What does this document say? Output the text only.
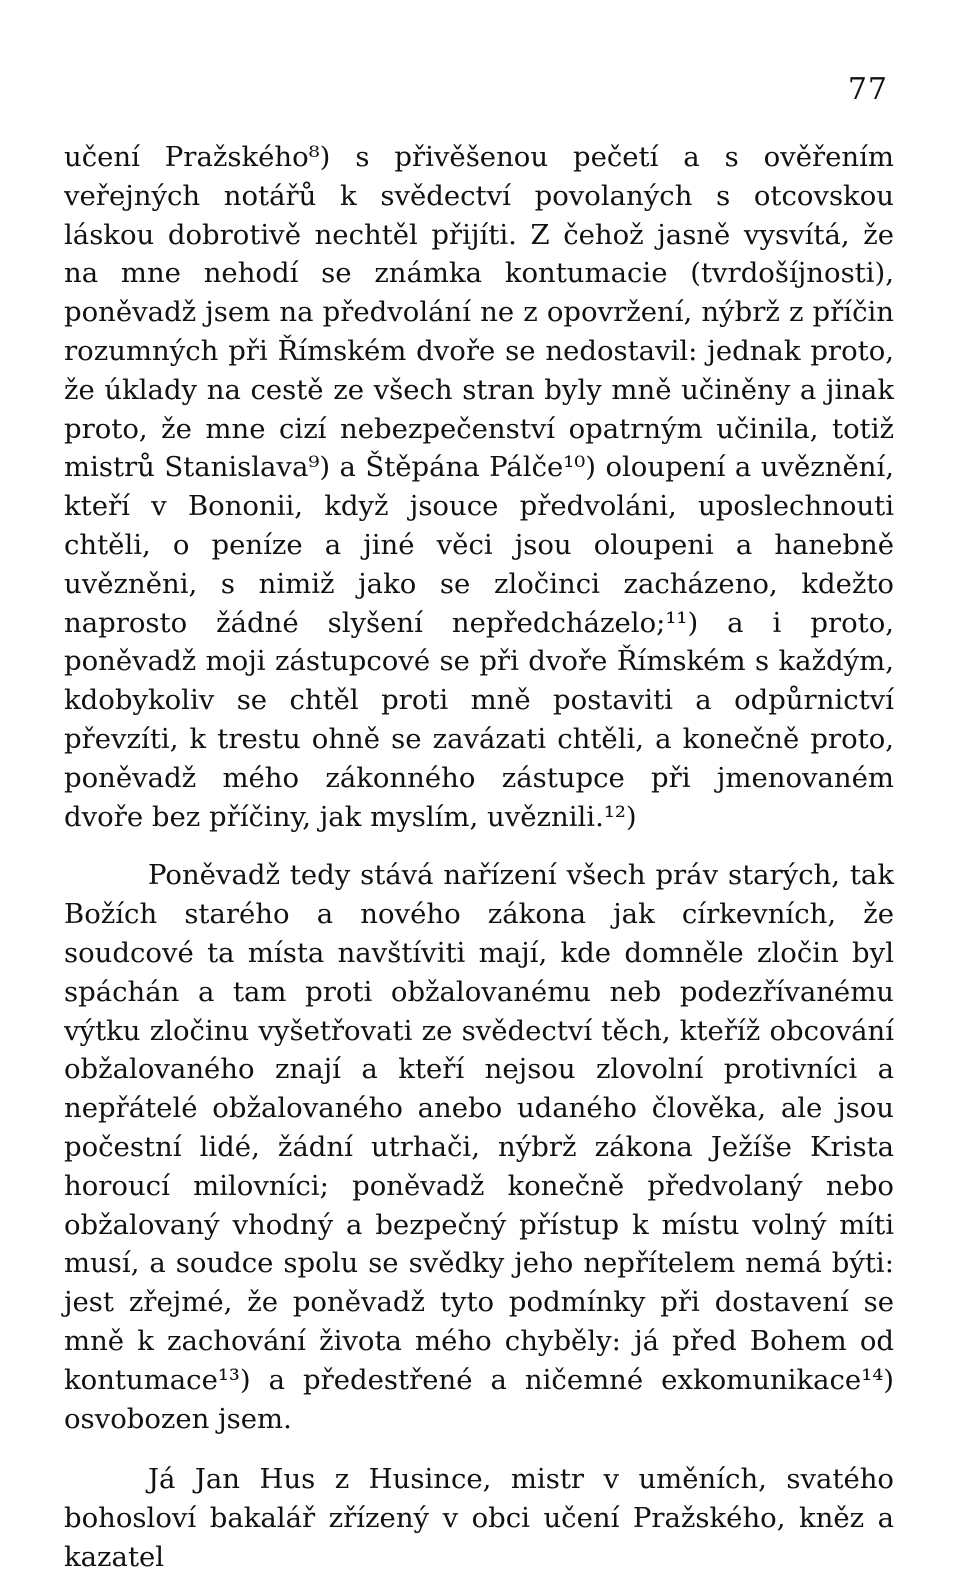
77

učení Pražského⁸) s přivěšenou pečetí a s ověřením veřejných notářů k svědectví povolaných s otcovskou láskou dobrotivě nechtěl přijíti. Z čehož jasně vysvítá, že na mne nehodí se známka kontumacie (tvrdošíjnosti), poněvadž jsem na předvolání ne z opovržení, nýbrž z příčin rozumných při Římském dvoře se nedostavil: jednak proto, že úklady na cestě ze všech stran byly mně učiněny a jinak proto, že mne cizí nebezpečenství opatrným učinila, totiž mistrů Stanislava⁹) a Štěpána Pálče¹⁰) oloupení a uvěznění, kteří v Bononii, když jsouce předvoláni, uposlechnouti chtěli, o peníze a jiné věci jsou oloupeni a hanebně uvězněni, s nimiž jako se zločinci zacházeno, kdežto naprosto žádné slyšení nepředcházelo;¹¹) a i proto, poněvadž moji zástupcové se při dvoře Římském s každým, kdobykoliv se chtěl proti mně postaviti a odpůrnictví převzíti, k trestu ohně se zavázati chtěli, a konečně proto, poněvadž mého zákonného zástupce při jmenovaném dvoře bez příčiny, jak myslím, uvěznili.¹²)

Poněvadž tedy stává nařízení všech práv starých, tak Božích starého a nového zákona jak církevních, že soudcové ta místa navštíviti mají, kde domněle zločin byl spáchán a tam proti obžalovanému neb podezřívanému výtku zločinu vyšetřovati ze svědectví těch, kteříž obcování obžalovaného znají a kteří nejsou zlovolní protivníci a nepřátelé obžalovaného anebo udaného člověka, ale jsou počestní lidé, žádní utrhači, nýbrž zákona Ježíše Krista horoucí milovníci; poněvadž konečně předvolaný nebo obžalovaný vhodný a bezpečný přístup k místu volný míti musí, a soudce spolu se svědky jeho nepřítelem nemá býti: jest zřejmé, že poněvadž tyto podmínky při dostavení se mně k zachování života mého chyběly: já před Bohem od kontumace¹³) a předestřené a ničemné exkomunikace¹⁴) osvobozen jsem.

Já Jan Hus z Husince, mistr v uměních, svatého bohosloví bakalář zřízený v obci učení Pražského, kněz a kazatel
